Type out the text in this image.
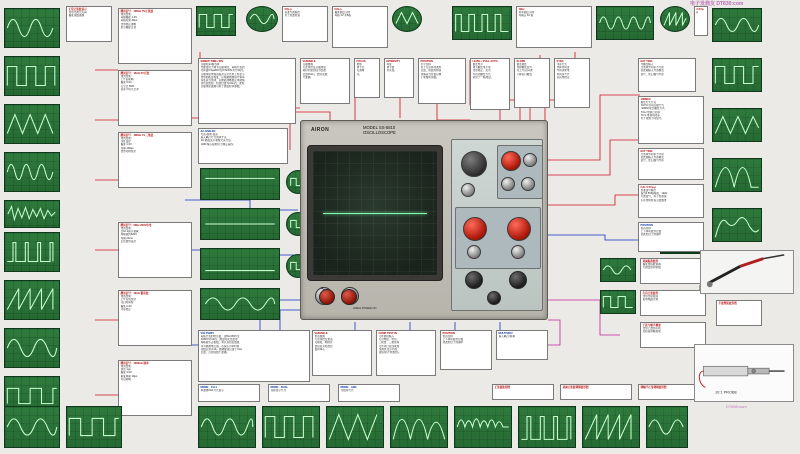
测试信号：10KHz 5V正弦波
测试结果：
每格幅度 1.0V
每格时间 20μs
波形稳定清晰
显示幅度正常
测试信号：1KHz 5V方波
测试结果：
上升沿陡峭
幅度 5.0V
占空比 50%
顶部平坦无过冲
测试信号：10KHz 1V三角波
测试结果：
线性良好
幅度 1.0V
周期 100μs
波形对称性好
测试信号：50Hz 220V市电
测试结果：
经10:1探头衰减
峰峰值约620V
周期 20ms
正弦波形良好
测试信号：1KHz 锯齿波
测试结果：
上升沿线性好
回扫时间短
幅度 2.0V
同步稳定
测试信号：100KHz 脉冲
测试结果：
脉宽 1μs
幅度 3.0V
重复周期 10μs
边沿陡峭
SWEEP TIME / DIV
扫描时间/格选择
此旋钮用于调节扫描速度，每格代表的
时间由0.5μs/DIV至0.5s/DIV共分21挡。
扫描速度快慢直接决定荧光屏上所显示
波形的疏密程度，应根据被测信号频率
高低适当选择，以便能清晰稳定地观察
到所需波形。校准位置为CAL挡，此时
扫描速度准确可用于测量时间参数。
AC-GND-DC
交流-接地-直流
输入耦合方式选择开关
AC:隔直流只观察交流分量;
GND:输入接地用于确定基线;
VOLTS/DIV
每格代表的电压值，由5mV/DIV至
5V/DIV共12挡。测量时读出波形
峰峰值所占格数，乘以该挡位数值
即为被测电压值。若探头为10:1则
读数应乘以10。微调旋钮应置于CAL
位置，否则读数不准确。
VARIABLE
扫描微调
可连续改变扫描速度
顺时针旋到底为校准
位置(CAL)，此时读数
才准确。
FOCUS
聚焦
调节光
点清晰
度。
INTENSITY
辉度
调节波
形亮度。
POSITION
水平位移
用于左右移动波形
位置，使波形移到
屏幕适当位置以便
于观察和读数。
LEVEL / PULL AUTO
触发电平
调节触发电平使
波形稳定；拉出
为自动触发方式
常用于一般测量。
SLOPE
触发极性
选择触发信号
的上升沿(+)或
下降沿(-)触发
SYNC
同步方式
选择内同步
外同步或电
源同步方式
以获得稳定
EXT TRIG
外触发输入
当选择外同步方式时
由此端输入外部触发
信号，使扫描与外部
10MSEC
触发方式开关
AUTO:自动扫描方式
NORM:常态触发方式
TV-H:电视行同步
TV-V:电视场同步
用于观察不同信号。
EXT TRIG
当选择外同步方式时
由此端输入外部触发
信号，使扫描与外部
CAL 0.5Vp-p
校准信号输出
输出0.5V峰峰值、1kHz
方波信号，用于校准探
头补偿和检查示波器垂
POSITION
垂直位移
上下移动波形位置
使波形位于屏幕中
衰减振荡波形
幅度按指数衰减
可测量时间常数
失真正弦波形
波形出现削顶
说明电路过载
干扰与噪声叠加
波形上叠加毛刺
需检查屏蔽接地
2Vp-p
标准方波输出
用于校准检查
5Vp-p
幅度测量示例
每格 1V 共5格
1kHz
频率测量示例
周期占 10 格
0.5Vp-p
正常正弦波显示
波形光滑无失真
幅度读数准确
AIRON	MODEL SS-5810
OSCILLOSCOPE
22MHz POWER ON
VARIABLE
垂直微调
可连续改变垂直
灵敏度，顺时针
旋到底为校准位
置(CAL)。
COMP TEST IN
元件测试输入
可对电阻、电容、
二极管、三极管等
元件进行在线或离
线测试,显示特性
曲线(李沙育图形)。
POSITION
垂直位移
上下移动波形位置
使波形位于屏幕中
MULTI5/DIV
输入耦合/衰减
MODE：CH-1
单通道CH1方式显示
MODE：DUAL
双踪显示方式
MODE：ADD
代数和方式
正弦波波形图	衰减正弦波调制波形图	调幅不正常调制波形图
半波整流波形图
10:1 PROBE
电子发烧友 DT830:com
DT830:com
